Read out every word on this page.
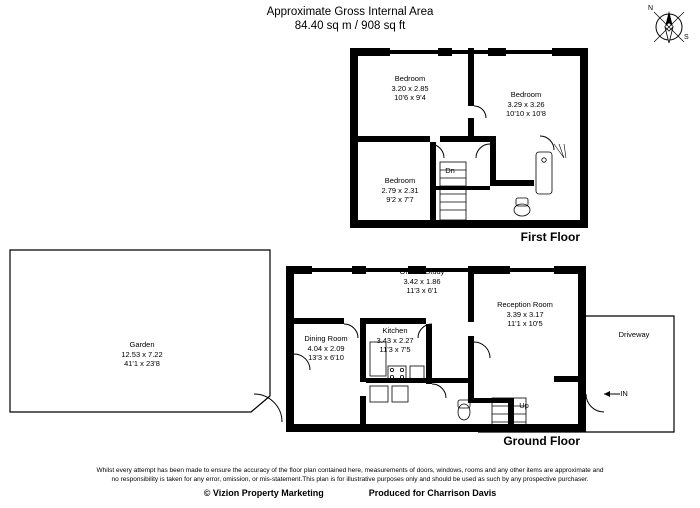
Approximate Gross Internal Area
84.40 sq m / 908 sq ft
N
S
Bedroom
3.20 x 2.85
10'6 x 9'4	Bedroom
3.29 x 3.26
10'10 x 10'8
Bedroom
2.79 x 2.31
9'2 x 7'7
Dn
First Floor
Garden
12.53 x 7.22
41'1 x 23'8
Dining Room
4.04 x 2.09
13'3 x 6'10
Kitchen
3.43 x 2.27
11'3 x 7'5
Office / Study
3.42 x 1.86
11'3 x 6'1
Reception Room
3.39 x 3.17
11'1 x 10'5
Driveway
Up
IN
Ground Floor
Whilst every attempt has been made to ensure the accuracy of the floor plan contained here, measurements of doors, windows, rooms and any other items are approximate and
no responsibility is taken for any error, omission, or mis-statement.This plan is for illustrative purposes only and should be used as such by any prospective purchaser.
© Vizion Property Marketing	Produced for Charrison Davis
